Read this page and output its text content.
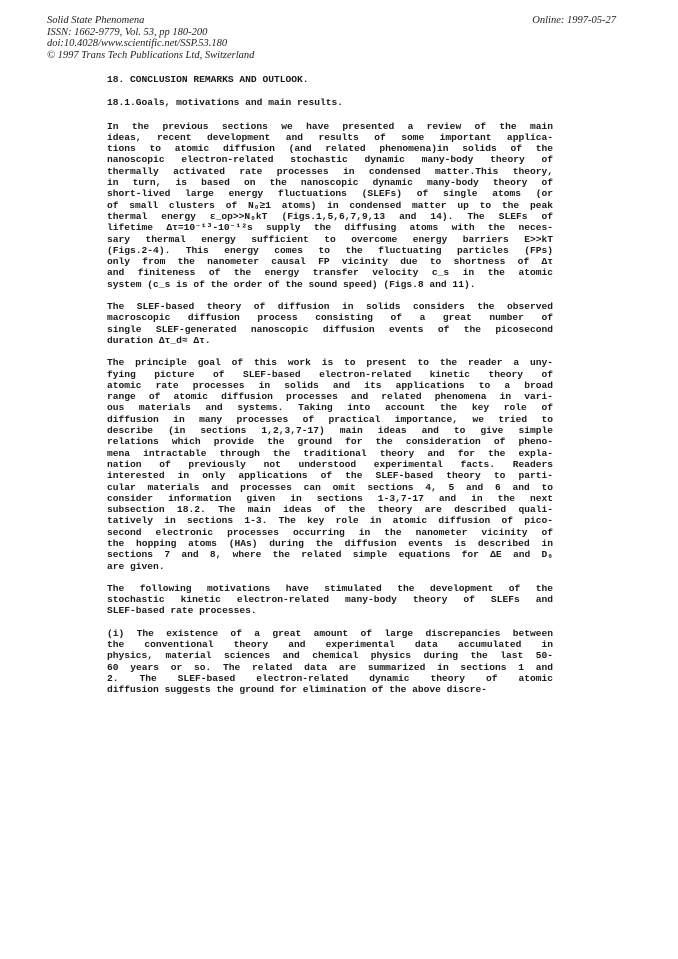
Solid State Phenomena
ISSN: 1662-9779, Vol. 53, pp 180-200
doi:10.4028/www.scientific.net/SSP.53.180
© 1997 Trans Tech Publications Ltd, Switzerland
Online: 1997-05-27
18. CONCLUSION REMARKS AND OUTLOOK.
18.1.Goals, motivations and main results.
In the previous sections we have presented a review of the main
ideas, recent development and results of some important applica-
tions to atomic diffusion (and related phenomena)in solids of the
nanoscopic electron-related stochastic dynamic many-body theory of
thermally activated rate processes in condensed matter.This theory,
in turn, is based on the nanoscopic dynamic many-body theory of
short-lived large energy fluctuations (SLEFs) of single atoms (or
of small clusters of N₀≥1 atoms) in condensed matter up to the peak
thermal energy ε_op>>N₀kT (Figs.1,5,6,7,9,13 and 14). The SLEFs of
lifetime Δτ=10⁻¹³-10⁻¹²s supply the diffusing atoms with the neces-
sary thermal energy sufficient to overcome energy barriers E>>kT
(Figs.2-4). This energy comes to the fluctuating particles (FPs)
only from the nanometer causal FP vicinity due to shortness of Δτ
and finiteness of the energy transfer velocity c_s in the atomic
system (c_s is of the order of the sound speed) (Figs.8 and 11).
The SLEF-based theory of diffusion in solids considers the observed
macroscopic diffusion process consisting of a great number of
single SLEF-generated nanoscopic diffusion events of the picosecond
duration Δτ_d≈ Δτ.
The principle goal of this work is to present to the reader a uny-
fying picture of SLEF-based electron-related kinetic theory of
atomic rate processes in solids and its applications to a broad
range of atomic diffusion processes and related phenomena in vari-
ous materials and systems. Taking into account the key role of
diffusion in many processes of practical importance, we tried to
describe (in sections 1,2,3,7-17) main ideas and to give simple
relations which provide the ground for the consideration of pheno-
mena intractable through the traditional theory and for the expla-
nation of previously not understood experimental facts. Readers
interested in only applications of the SLEF-based theory to parti-
cular materials and processes can omit sections 4, 5 and 6 and to
consider information given in sections 1-3,7-17 and in the next
subsection 18.2. The main ideas of the theory are described quali-
tatively in sections 1-3. The key role in atomic diffusion of pico-
second electronic processes occurring in the nanometer vicinity of
the hopping atoms (HAs) during the diffusion events is described in
sections 7 and 8, where the related simple equations for ΔE and D₀
are given.
The following motivations have stimulated the development of the
stochastic kinetic electron-related many-body theory of SLEFs and
SLEF-based rate processes.
(i) The existence of a great amount of large discrepancies between
the conventional theory and experimental data accumulated in
physics, material sciences and chemical physics during the last 50-
60 years or so. The related data are summarized in sections 1 and
2. The SLEF-based electron-related dynamic theory of atomic
diffusion suggests the ground for elimination of the above discre-
